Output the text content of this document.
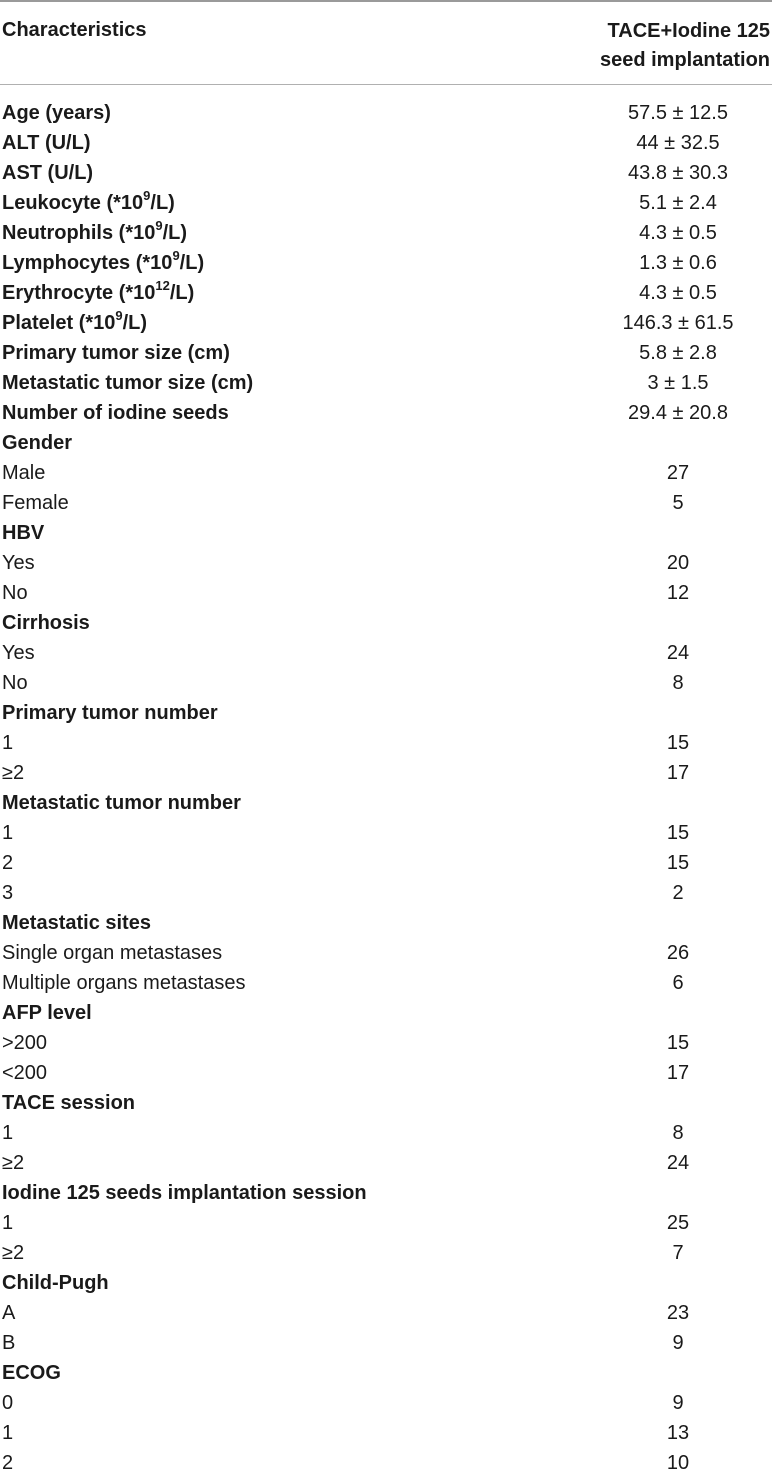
Characteristics	TACE+Iodine 125
seed implantation
Age (years)	57.5 ± 12.5
ALT (U/L)	44 ± 32.5
AST (U/L)	43.8 ± 30.3
Leukocyte $(*10^9/L)$	5.1 ± 2.4
Neutrophils $(*10^9/L)$	4.3 ± 0.5
Lymphocytes $(*10^9/L)$	1.3 ± 0.6
Erythrocyte $(*10^{12}/L)$	4.3 ± 0.5
Platelet $(*10^9/L)$	146.3 ± 61.5
Primary tumor size (cm)	5.8 ± 2.8
Metastatic tumor size (cm)	3 ± 1.5
Number of iodine seeds	29.4 ± 20.8
Gender
Male	27
Female	5
HBV
Yes	20
No	12
Cirrhosis
Yes	24
No	8
Primary tumor number
1	15
≥2	17
Metastatic tumor number
1	15
2	15
3	2
Metastatic sites
Single organ metastases	26
Multiple organs metastases	6
AFP level
>200	15
<200	17
TACE session
1	8
≥2	24
Iodine 125 seeds implantation session
1	25
≥2	7
Child-Pugh
A	23
B	9
ECOG
0	9
1	13
2	10
